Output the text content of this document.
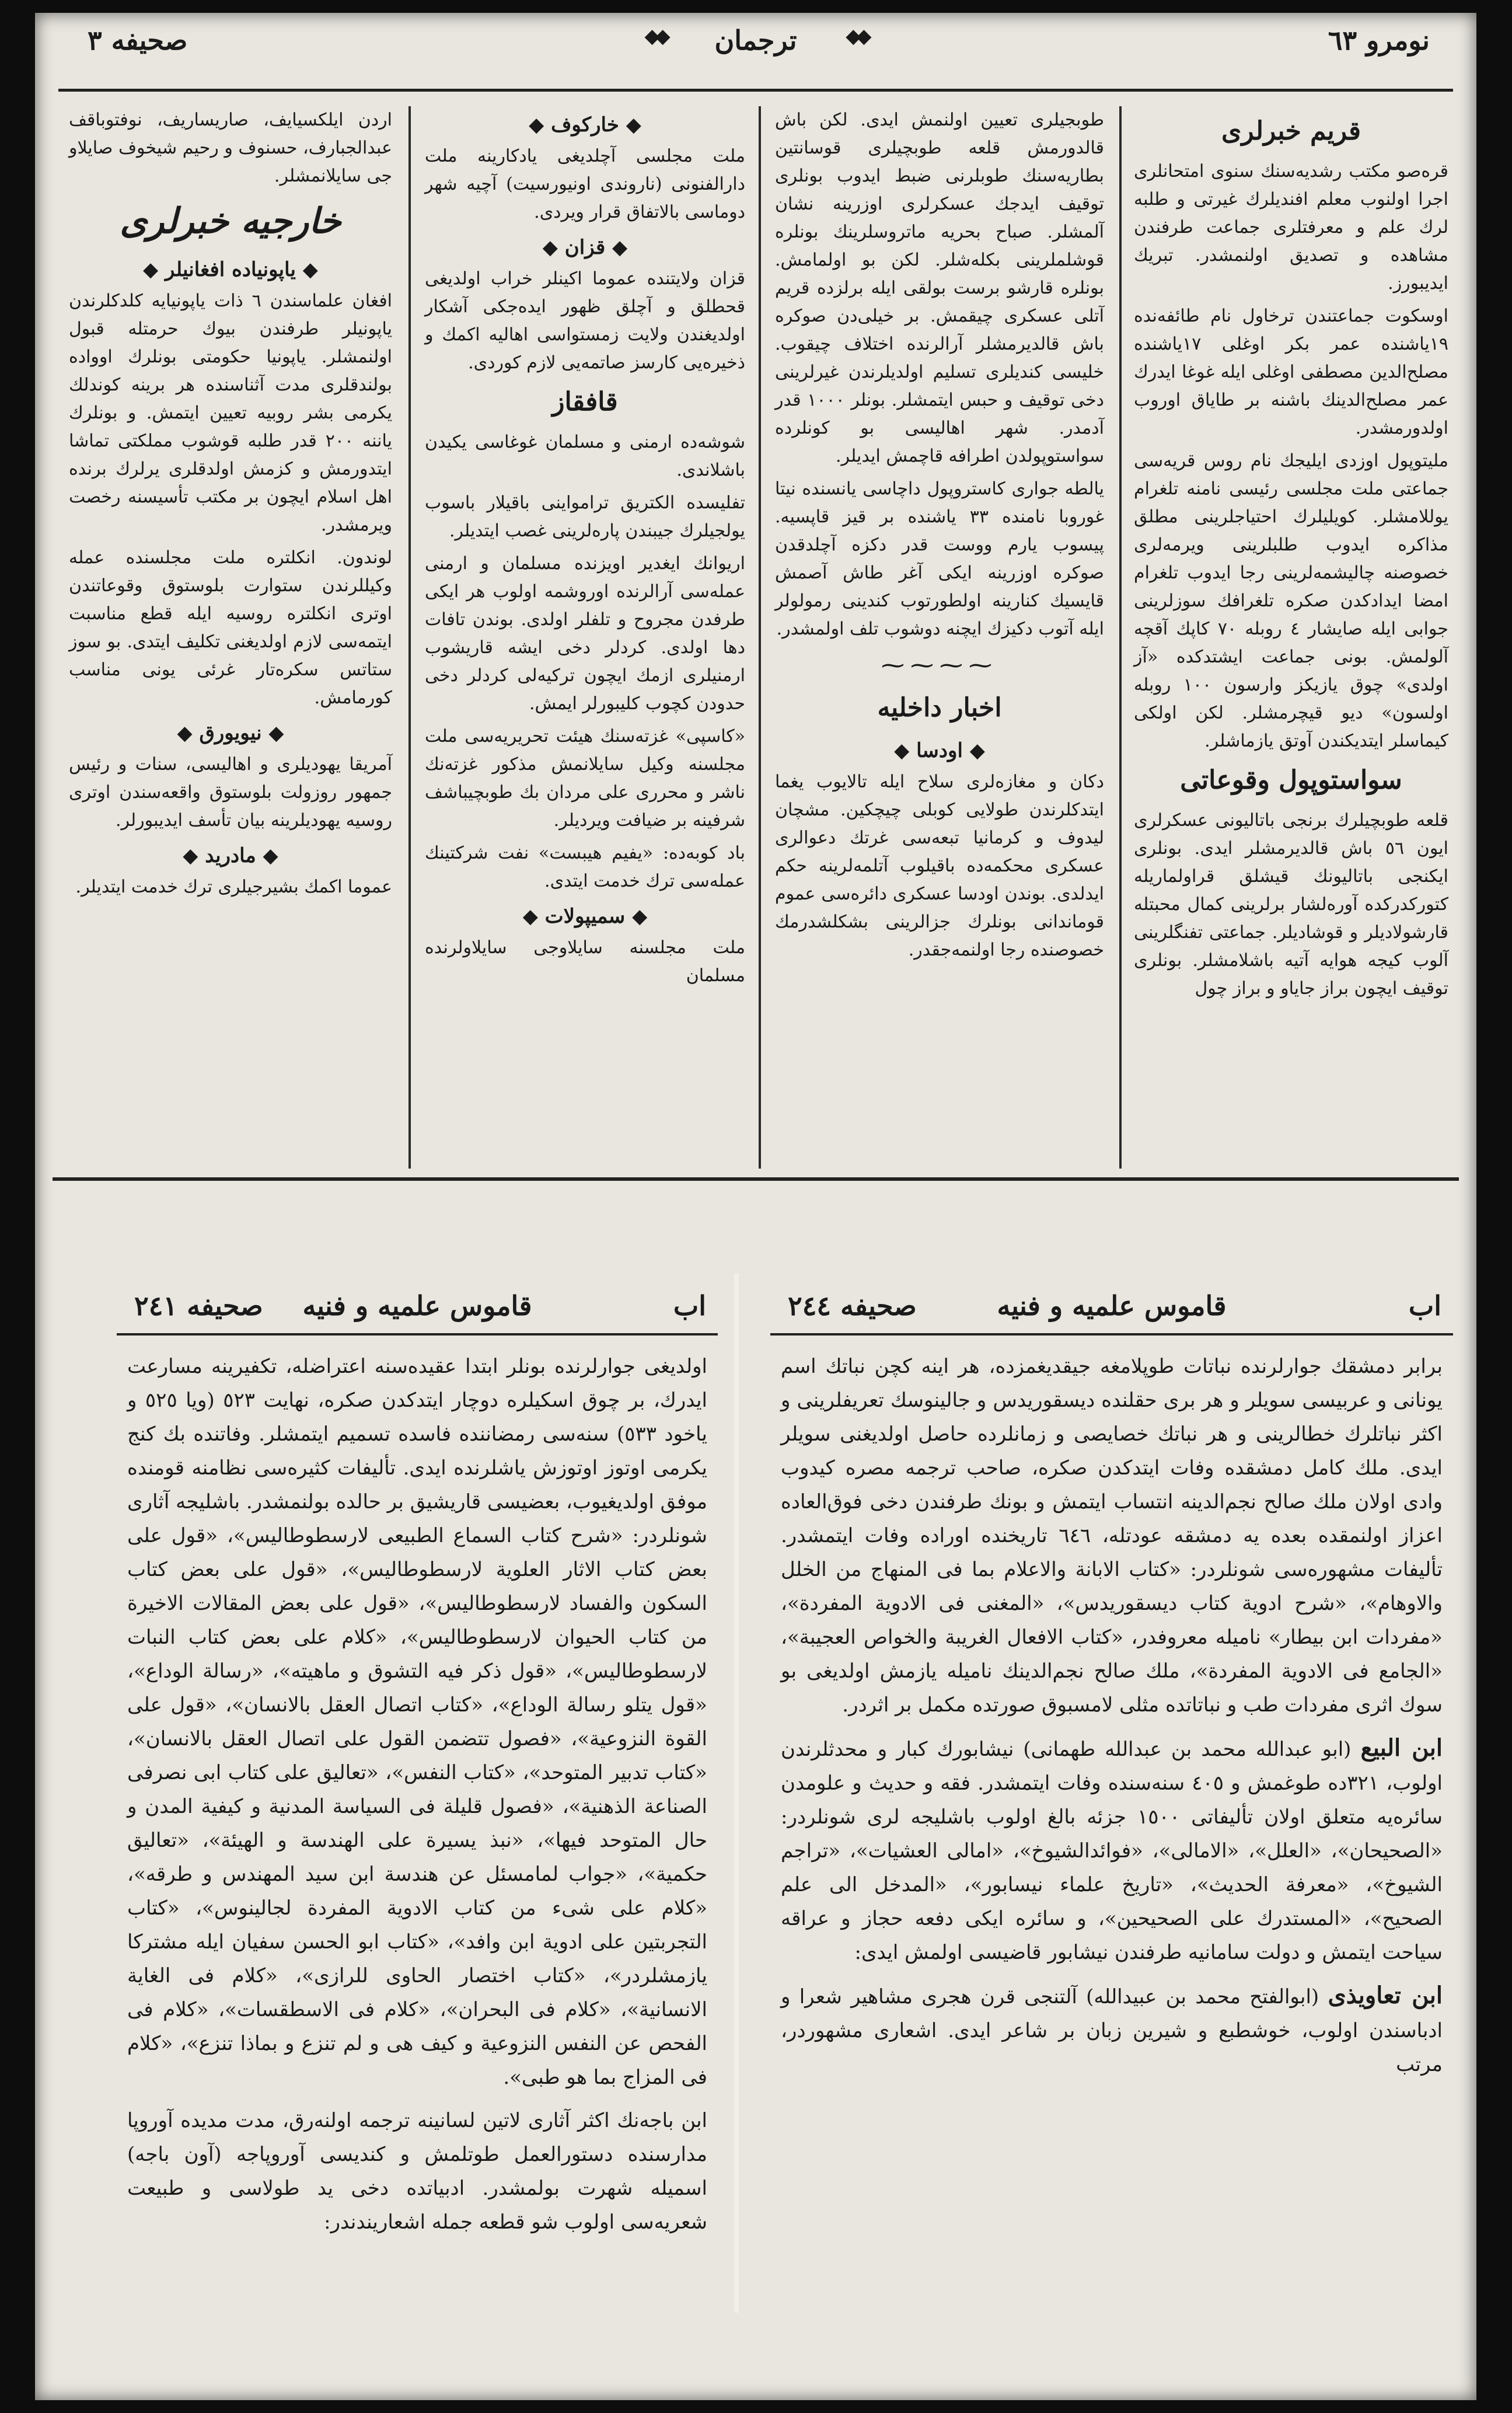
نومرو ٦٣
◆◆ ترجمان ◆◆
صحیفه ٣
قریم خبرلری

قره‌صو مکتب رشدیه‌سنك سنوی امتحانلری اجرا اولنوب معلم افندیلرك غیرتی و طلبه لرك علم و معرفتلری جماعت طرفندن مشاهده و تصدیق اولنمشدر. تبریك ایدیبورز.

اوسکوت جماعتندن ترخاول نام طائفه‌نده ١٩یاشنده عمر بکر اوغلی ١٧یاشنده مصلح‌الدین مصطفی اوغلی ایله غوغا ایدرك عمر مصلح‌الدینك باشنه بر طایاق اوروب اولدورمشدر.

ملیتوپول اوزدی ایلیجك نام روس قریه‌سی جماعتی ملت مجلسی رئیسی نامنه تلغرام یوللامشلر. کویلیلرك احتیاجلرینی مطلق مذاکره ایدوب طلبلرینی ویرمه‌لری خصوصنه چالیشمه‌لرینی رجا ایدوب تلغرام امضا ایدادکدن صکره تلغرافك سوزلرینی جوابی ایله صایشار ٤ روبله ٧٠ کاپك آقچه آلولمش. بونی جماعت ایشتدکده «آز اولدی» چوق یازیکز وارسون ١٠٠ روبله اولسون» دیو قیچرمشلر. لکن اولکی کیماسلر ایتدیکندن آوتق یازماشلر.

سواستوپول وقوعاتی

قلعه طوبچیلرك برنجی باتالیونی عسکرلری ایون ٥٦ باش قالدیرمشلر ایدی. بونلری ایکنجی باتالیونك قیشلق قراولماریله کتورکدرکده آوره‌لشار برلرینی کمال محبتله قارشولادیلر و قوشادیلر. جماعتی تفنگلرینی آلوب کیجه هوایه آتیه باشلامشلر. بونلری توقیف ایچون براز جایاو و براز چول

طوبجیلری تعیین اولنمش ایدی. لکن باش قالدورمش قلعه طوبچیلری قوسانتین بطاریه‌سنك طوبلرنی ضبط ایدوب بونلری توقیف ایدجك عسکرلری اوزرینه نشان آلمشلر. صباح بحریه ماتروسلرینك بونلره قوشلملرینی بکله‌شلر. لکن بو اولمامش. بونلره قارشو برست بولقی ایله برلزده قریم آتلی عسکری چیقمش. بر خیلی‌دن صوکره باش قالدیرمشلر آرالرنده اختلاف چیقوب. خلیسی کندیلری تسلیم اولدیلرندن غیرلرینی دخی توقیف و حبس ایتمشلر. بونلر ١٠٠٠ قدر آدمدر. شهر اهالیسی بو کونلرده سواستوپولدن اطرافه قاچمش ایدیلر.

یالطه جواری کاستروپول داچاسی یانسنده نیتا غوروبا نامنده ٣٣ یاشنده بر قیز قاپسیه. پیسوب یارم ووست قدر دکزه آچلدقدن صوکره اوزرینه ایکی آغر طاش آصمش قایسیك کنارینه اولطورتوب کندینی رمولولر ایله آتوب دکیزك ایچنه دوشوب تلف اولمشدر.

⁓⁓⁓⁓
اخبار داخلیه
◆ اودسا ◆

دکان و مغازه‌لری سلاح ایله تالایوب یغما ایتدکلرندن طولایی کوبلی چیچکین. مشچان لیدوف و کرمانیا تبعه‌سی غرتك دعوالری عسکری محکمه‌ده باقیلوب آتلمه‌لرینه حکم ایدلدی. بوندن اودسا عسکری دائره‌سی عموم قوماندانی بونلرك جزالرینی بشکلشدرمك خصوصنده رجا اولنمه‌جقدر.

◆ خارکوف ◆

ملت مجلسی آچلدیغی یادکارینه ملت دارالفنونی (ناروندی اونیورسیت) آچیه شهر دوماسی بالاتفاق قرار ویردی.

◆ قزان ◆

قزان ولایتنده عموما اکینلر خراب اولدیغی قحطلق و آچلق ظهور ایده‌جکی آشکار اولدیغندن ولایت زمستواسی اهالیه اکمك و ذخیره‌یی کارسز صاتمه‌یی لازم کوردی.

قافقاز

شوشه‌ده ارمنی و مسلمان غوغاسی یکیدن باشلاندی.

تفلیسده الکتریق ترامواینی باقیلار باسوب یولجیلرك جیبندن پاره‌لرینی غصب ایتدیلر.

اریوانك ایغدیر اویزنده مسلمان و ارمنی عمله‌سی آرالرنده اوروشمه اولوب هر ایکی طرفدن مجروح و تلفلر اولدی. بوندن تافات دها اولدی. کردلر دخی ایشه قاریشوب ارمنیلری ازمك ایچون ترکیه‌لی کردلر دخی حدودن کچوب کلیبورلر ایمش.

«کاسپی» غزته‌سنك هیئت تحریریه‌سی ملت مجلسنه وکیل سایلانمش مذکور غزته‌نك ناشر و محرری علی مردان بك طوبچیباشف شرفینه بر ضیافت ویردیلر.

باد کوبه‌ده: «یفیم هیبست» نفت شرکتینك عمله‌سی ترك خدمت ایتدی.

◆ سمیپولات ◆

ملت مجلسنه سایلاوجی سایلاولرنده مسلمان

اردن ایلکسیایف، صاریساریف، نوفتوباقف عبدالجبارف، حسنوف و رحیم شیخوف صایلاو جی سایلانمشلر.

خارجیه خبرلری
◆ یاپونیاده افغانیلر ◆

افغان علماسندن ٦ ذات یاپونیایه کلدکلرندن یاپونیلر طرفندن بیوك حرمتله قبول اولنمشلر. یاپونیا حکومتی بونلرك اوواده بولندقلری مدت آثناسنده هر برینه کوندلك یکرمی بشر روبیه تعیین ایتمش. و بونلرك یاننه ٢٠٠ قدر طلبه قوشوب مملکتی تماشا ایتدورمش و کزمش اولدقلری یرلرك برنده اهل اسلام ایچون بر مکتب تأسیسنه رخصت ویرمشدر.

لوندون. انکلتره ملت مجلسنده عمله وکیللرندن ستوارت بلوستوق وقوعاتندن اوتری انکلتره روسیه ایله قطع مناسبت ایتمه‌سی لازم اولدیغنی تکلیف ایتدی. بو سوز ستاتس سکره‌تار غرئی یونی مناسب کورمامش.

◆ نیویورق ◆

آمریقا یهودیلری و اهالیسی، سنات و رئیس جمهور روزولت بلوستوق واقعه‌سندن اوتری روسیه یهودیلرینه بیان تأسف ایدیبورلر.

◆ مادرید ◆

عموما اکمك بشیرجیلری ترك خدمت ایتدیلر.

اب
قاموس علمیه و فنیه
صحیفه ٢٤٤

برابر دمشقك جوارلرنده نباتات طوپلامغه جیقدیغمزده، هر اینه کچن نباتك اسم یونانی و عربیسی سویلر و هر بری حقلنده دیسقوریدس و جالینوسك تعریفلرینی و اکثر نباتلرك خطالرینی و هر نباتك خصایصی و زمانلرده حاصل اولدیغنی سویلر ایدی. ملك کامل دمشقده وفات ایتدکدن صکره، صاحب ترجمه مصره کیدوب وادی اولان ملك صالح نجم‌الدینه انتساب ایتمش و بونك طرفندن دخی فوق‌العاده اعزاز اولنمقده بعده یه دمشقه عودتله، ٦٤٦ تاریخنده اوراده وفات ایتمشدر. تأليفات مشهوره‌سی شونلردر: «کتاب الابانة والاعلام بما فی المنهاج من الخلل والاوهام»، «شرح ادویة کتاب دیسقوریدس»، «المغنی فی الادویة المفردة»، «مفردات ابن بیطار» نامیله معروفدر، «کتاب الافعال الغریبة والخواص العجیبة»، «الجامع فی الادویة المفردة»، ملك صالح نجم‌الدینك نامیله یازمش اولدیغی بو سوك اثری مفردات طب و نباتاتده مثلی لامسبوق صورتده مکمل بر اثردر.

ابن البیع (ابو عبدالله محمد بن عبدالله طهمانی) نیشابورك کبار و محدثلرندن اولوب، ٣٢١ده طوغمش و ٤٠٥ سنه‌سنده وفات ایتمشدر. فقه و حدیث و علومدن سائره‌یه متعلق اولان تأليفاتی ١٥٠٠ جزئه بالغ اولوب باشلیجه لری شونلردر: «الصحیحان»، «العلل»، «الامالی»، «فوائدالشیوخ»، «امالی العشیات»، «تراجم الشیوخ»، «معرفة الحدیث»، «تاریخ علماء نیسابور»، «المدخل الی علم الصحیح»، «المستدرك علی الصحیحین»، و سائره ایکی دفعه حجاز و عراقه سیاحت ایتمش و دولت سامانیه طرفندن نیشابور قاضیسی اولمش ایدی:

ابن تعاویذی (ابوالفتح محمد بن عبیدالله) آلتنجی قرن هجری مشاهیر شعرا و ادباسندن اولوب، خوشطبع و شیرین زبان بر شاعر ایدی. اشعاری مشهوردر، مرتب

اب
قاموس علمیه و فنیه
صحیفه ٢٤١

اولدیغی جوارلرنده بونلر ابتدا عقیده‌سنه اعتراضله، تکفیرینه مسارعت ایدرك، بر چوق اسکیلره دوچار ایتدکدن صکره، نهایت ٥٢٣ (ویا ٥٢٥ و یاخود ٥٣٣) سنه‌سی رمضاننده فاسده تسمیم ایتمشلر. وفاتنده بك کنج یکرمی اوتوز اوتوزش یاشلرنده ایدی. تأليفات کثیره‌سی نظامنه قومنده موفق اولدیغیوب، بعضیسی قاریشیق بر حالده بولنمشدر. باشلیجه آثاری شونلردر: «شرح کتاب السماع الطبیعی لارسطوطالیس»، «قول علی بعض کتاب الاثار العلویة لارسطوطالیس»، «قول علی بعض کتاب السکون والفساد لارسطوطالیس»، «قول علی بعض المقالات الاخیرة من کتاب الحیوان لارسطوطالیس»، «کلام علی بعض کتاب النبات لارسطوطالیس»، «قول ذکر فیه التشوق و ماهیته»، «رسالة الوداع»، «قول یتلو رسالة الوداع»، «کتاب اتصال العقل بالانسان»، «قول علی القوة النزوعیة»، «فصول تتضمن القول علی اتصال العقل بالانسان»، «کتاب تدبیر المتوحد»، «کتاب النفس»، «تعالیق علی کتاب ابی نصرفی الصناعة الذهنیة»، «فصول قلیلة فی السیاسة المدنیة و کیفیة المدن و حال المتوحد فیها»، «نبذ یسیرة علی الهندسة و الهیئة»، «تعالیق حکمیة»، «جواب لمامسئل عن هندسة ابن سید المهندس و طرقه»، «کلام علی شیء من کتاب الادویة المفردة لجالینوس»، «کتاب التجربتین علی ادویة ابن وافد»، «کتاب ابو الحسن سفیان ایله مشترکا یازمشلردر»، «کتاب اختصار الحاوی للرازی»، «کلام فی الغایة الانسانیة»، «کلام فی البحران»، «کلام فی الاسطقسات»، «کلام فی الفحص عن النفس النزوعیة و کیف هی و لم تنزع و بماذا تنزع»، «کلام فی المزاج بما هو طبی».

ابن باجه‌نك اکثر آثاری لاتین لسانینه ترجمه اولنه‌رق، مدت مدیده آوروپا مدارسنده دستورالعمل طوتلمش و کندیسی آوروپاجه (آون باجه) اسمیله شهرت بولمشدر. ادبیاتده دخی ید طولاسی و طبیعت شعریه‌سی اولوب شو قطعه جمله اشعاریندندر:
